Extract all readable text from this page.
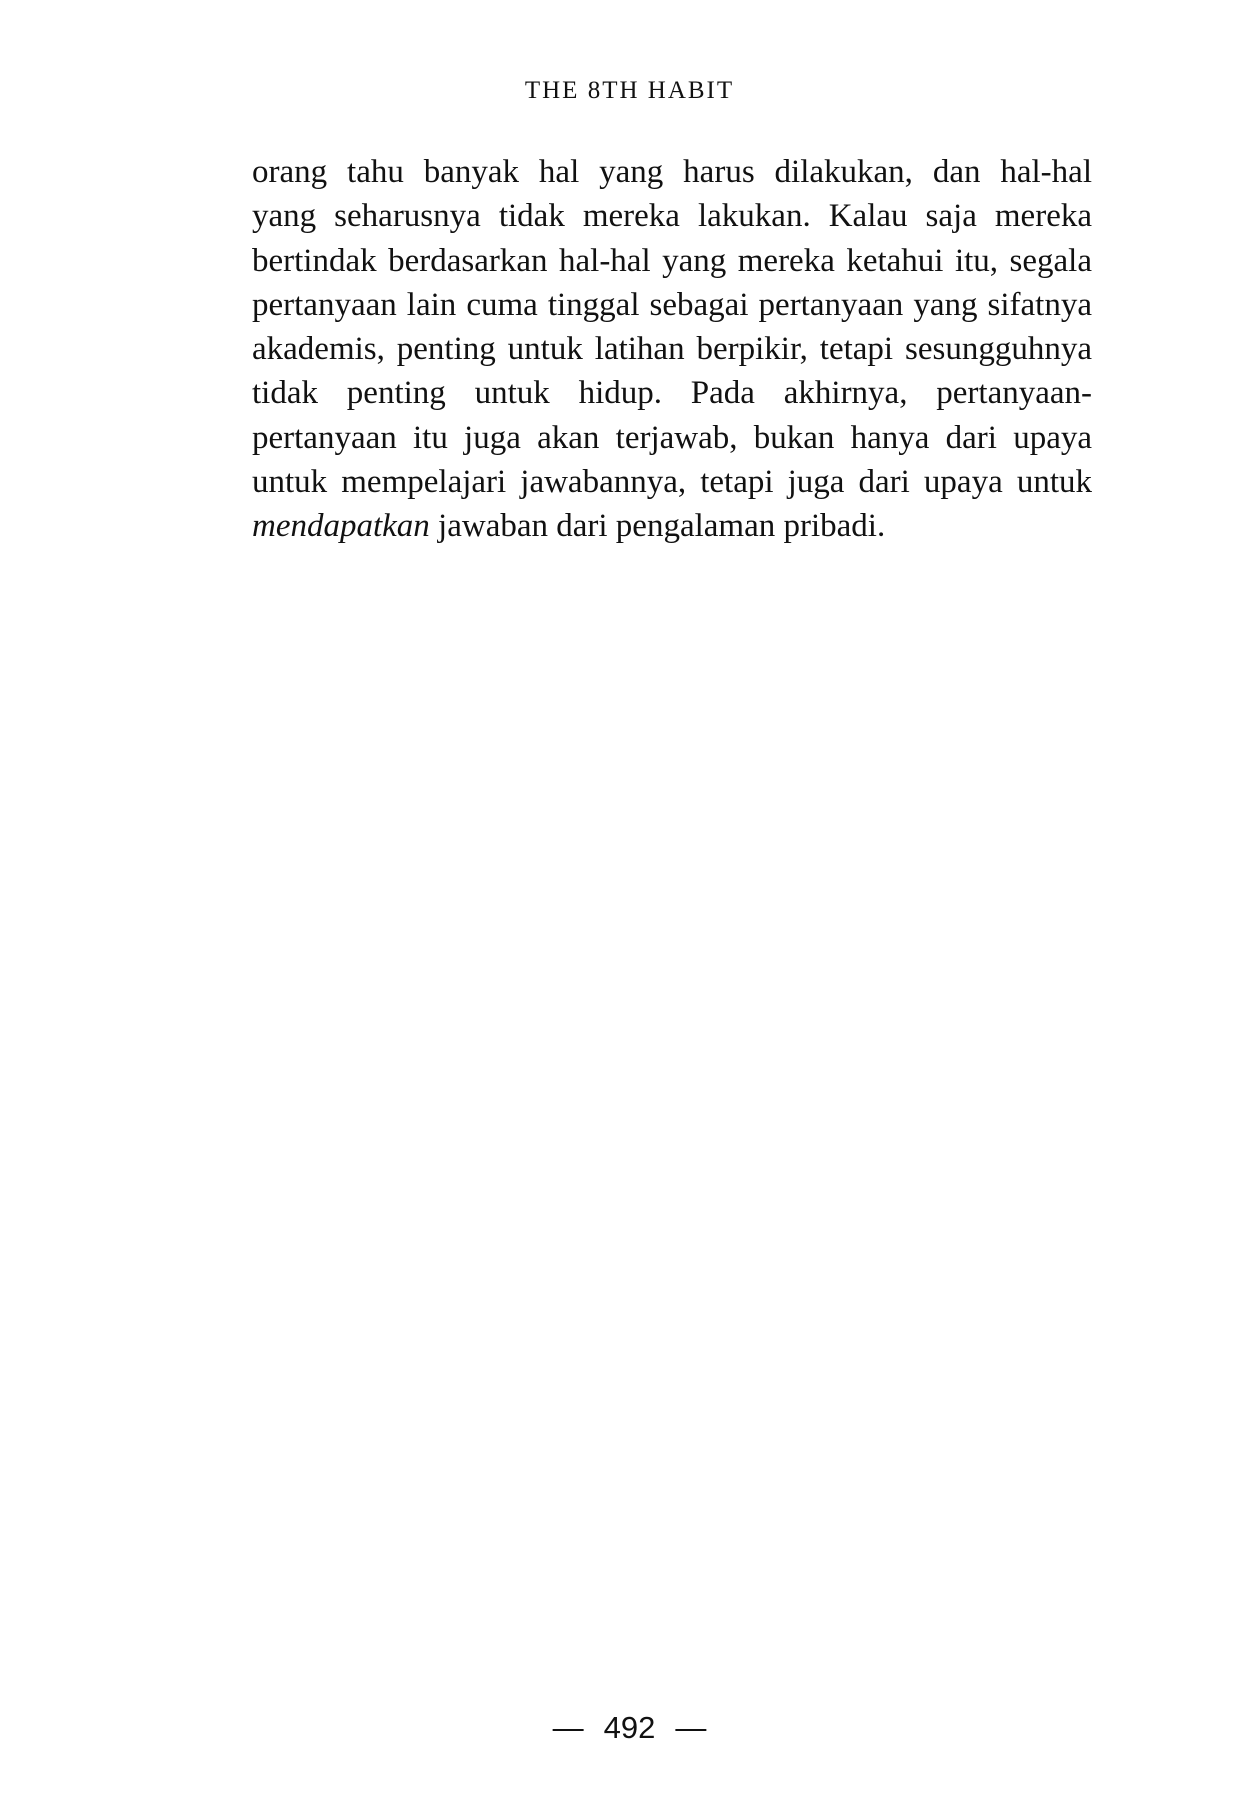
THE 8TH HABIT
orang tahu banyak hal yang harus dilakukan, dan hal-hal
yang seharusnya tidak mereka lakukan. Kalau saja mereka
bertindak berdasarkan hal-hal yang mereka ketahui itu, segala
pertanyaan lain cuma tinggal sebagai pertanyaan yang sifatnya
akademis, penting untuk latihan berpikir, tetapi sesungguhnya
tidak penting untuk hidup. Pada akhirnya, pertanyaan-
pertanyaan itu juga akan terjawab, bukan hanya dari upaya
untuk mempelajari jawabannya, tetapi juga dari upaya untuk
mendapatkan jawaban dari pengalaman pribadi.
— 492 —
